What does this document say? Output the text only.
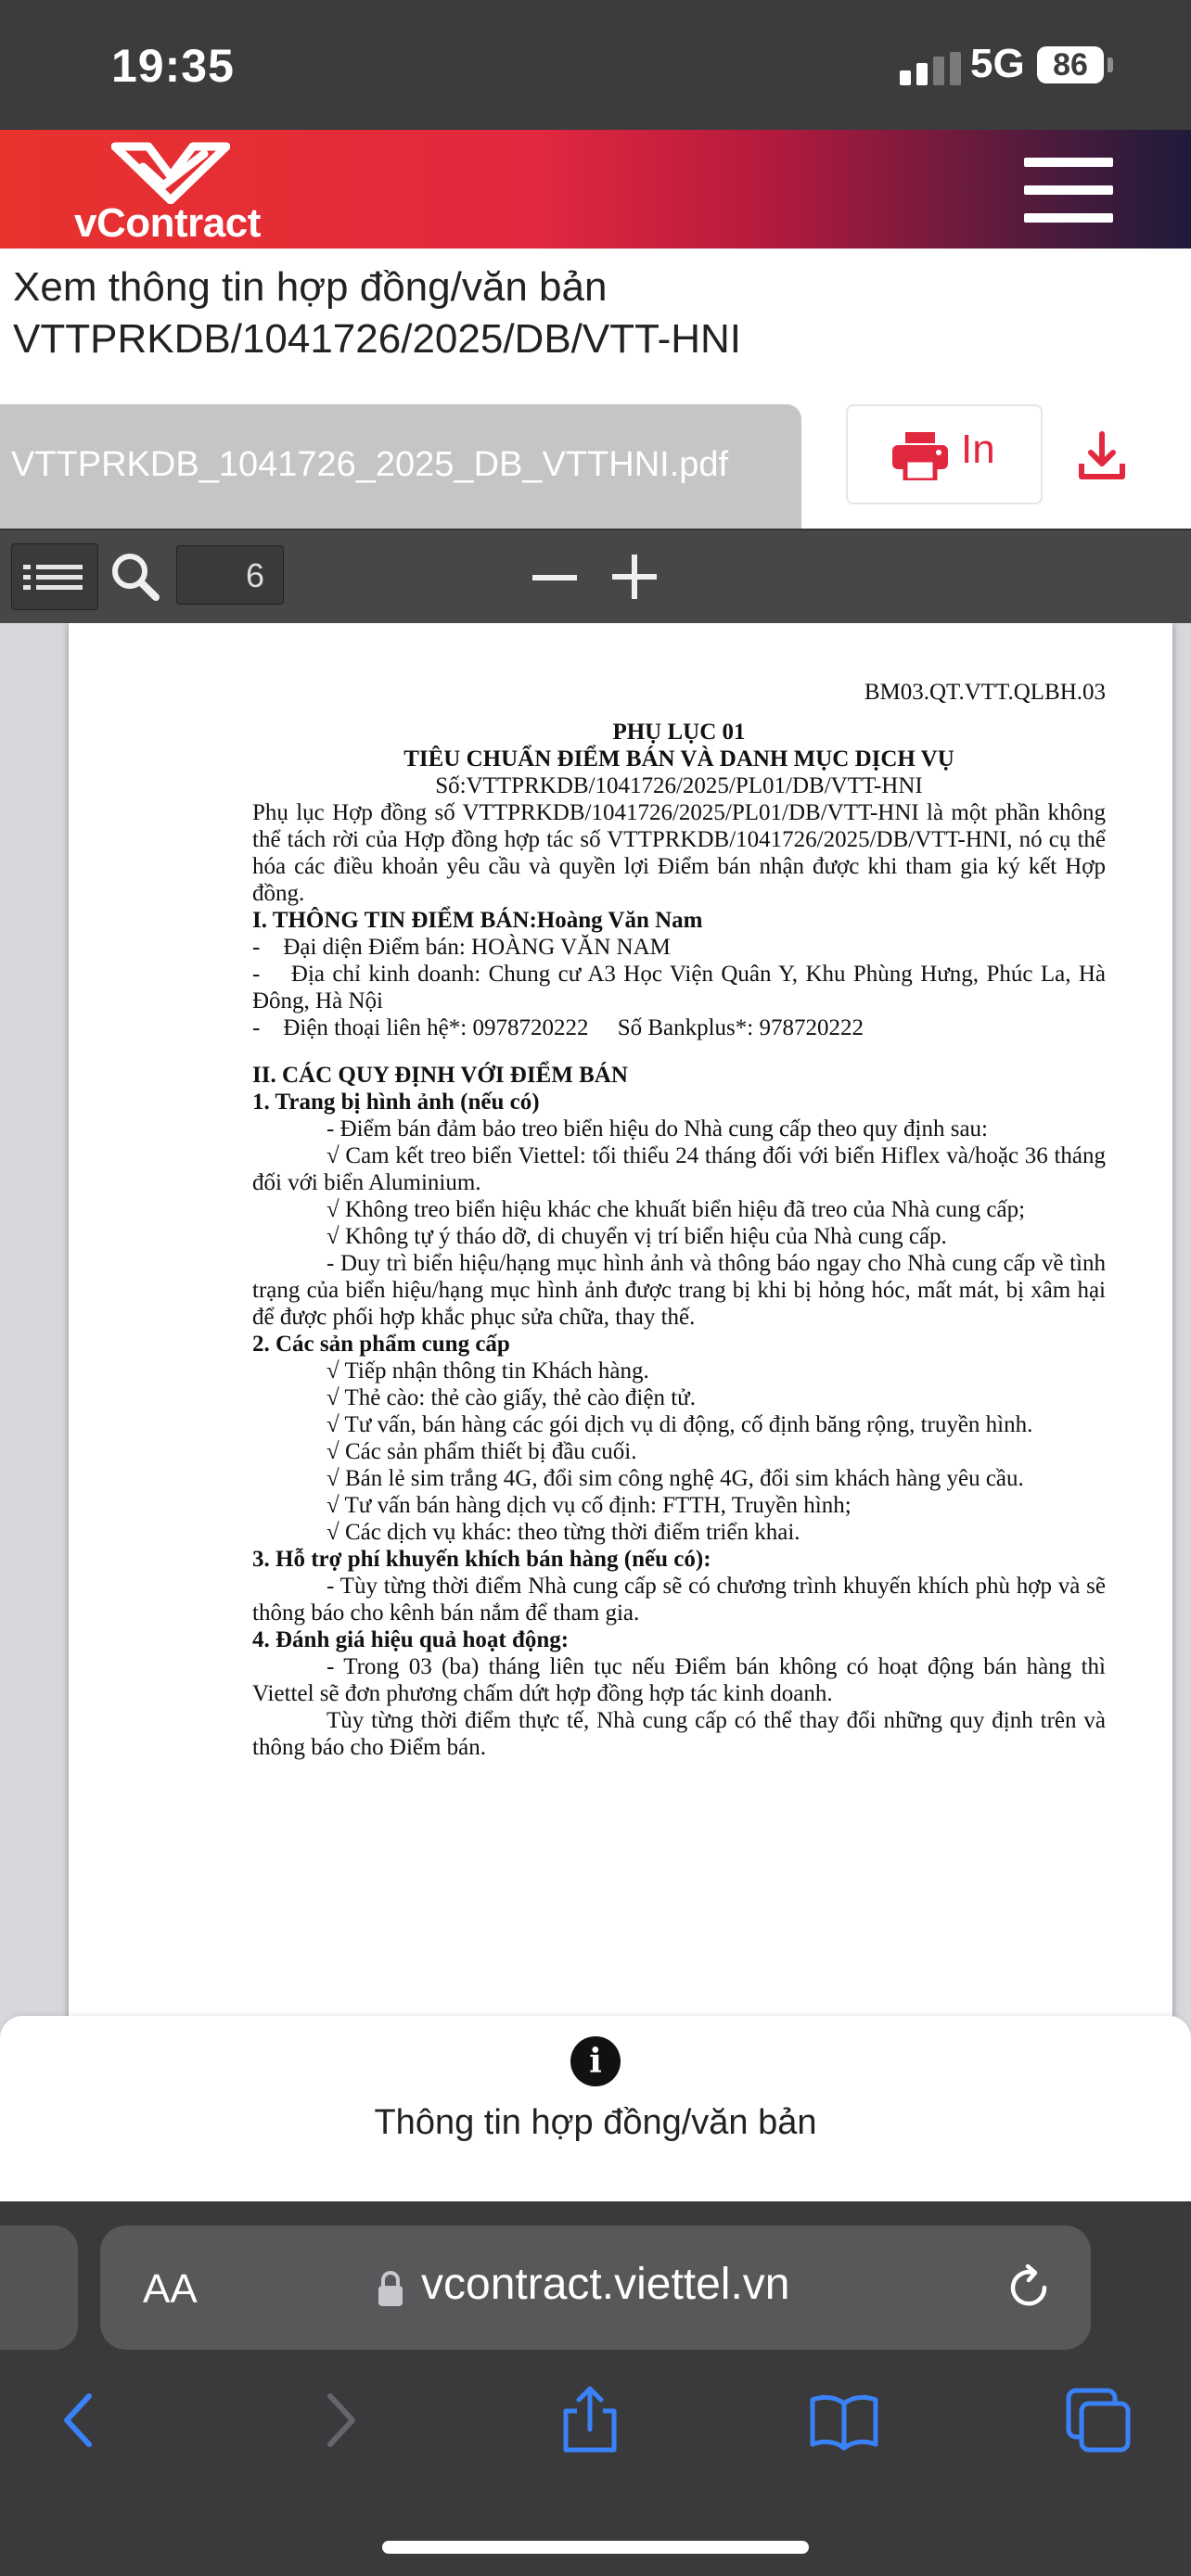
19:35	5G 86
vContract
Xem thông tin hợp đồng/văn bản
VTTPRKDB/1041726/2025/DB/VTT-HNI
VTTPRKDB_1041726_2025_DB_VTTHNI.pdf	In
6
BM03.QT.VTT.QLBH.03
PHỤ LỤC 01
TIÊU CHUẨN ĐIỂM BÁN VÀ DANH MỤC DỊCH VỤ
Số:VTTPRKDB/1041726/2025/PL01/DB/VTT-HNI
Phụ lục Hợp đồng số VTTPRKDB/1041726/2025/PL01/DB/VTT-HNI là một phần không thể tách rời của Hợp đồng hợp tác số VTTPRKDB/1041726/2025/DB/VTT-HNI, nó cụ thể hóa các điều khoản yêu cầu và quyền lợi Điểm bán nhận được khi tham gia ký kết Hợp đồng.
I. THÔNG TIN ĐIỂM BÁN:Hoàng Văn Nam
-    Đại diện Điểm bán: HOÀNG VĂN NAM
-    Địa chỉ kinh doanh: Chung cư A3 Học Viện Quân Y, Khu Phùng Hưng, Phúc La, Hà Đông, Hà Nội
-    Điện thoại liên hệ*: 0978720222     Số Bankplus*: 978720222
II. CÁC QUY ĐỊNH VỚI ĐIỂM BÁN
1. Trang bị hình ảnh (nếu có)
- Điểm bán đảm bảo treo biển hiệu do Nhà cung cấp theo quy định sau:
√ Cam kết treo biển Viettel: tối thiểu 24 tháng đối với biển Hiflex và/hoặc 36 tháng đối với biển Aluminium.
√ Không treo biển hiệu khác che khuất biển hiệu đã treo của Nhà cung cấp;
√ Không tự ý tháo dỡ, di chuyển vị trí biển hiệu của Nhà cung cấp.
- Duy trì biển hiệu/hạng mục hình ảnh và thông báo ngay cho Nhà cung cấp về tình trạng của biển hiệu/hạng mục hình ảnh được trang bị khi bị hỏng hóc, mất mát, bị xâm hại để được phối hợp khắc phục sửa chữa, thay thế.
2. Các sản phẩm cung cấp
√ Tiếp nhận thông tin Khách hàng.
√ Thẻ cào: thẻ cào giấy, thẻ cào điện tử.
√ Tư vấn, bán hàng các gói dịch vụ di động, cố định băng rộng, truyền hình.
√ Các sản phẩm thiết bị đầu cuối.
√ Bán lẻ sim trắng 4G, đổi sim công nghệ 4G, đổi sim khách hàng yêu cầu.
√ Tư vấn bán hàng dịch vụ cố định: FTTH, Truyền hình;
√ Các dịch vụ khác: theo từng thời điểm triển khai.
3. Hỗ trợ phí khuyến khích bán hàng (nếu có):
- Tùy từng thời điểm Nhà cung cấp sẽ có chương trình khuyến khích phù hợp và sẽ thông báo cho kênh bán nắm để tham gia.
4. Đánh giá hiệu quả hoạt động:
- Trong 03 (ba) tháng liên tục nếu Điểm bán không có hoạt động bán hàng thì Viettel sẽ đơn phương chấm dứt hợp đồng hợp tác kinh doanh.
Tùy từng thời điểm thực tế, Nhà cung cấp có thể thay đổi những quy định trên và thông báo cho Điểm bán.
i
Thông tin hợp đồng/văn bản
AA	vcontract.viettel.vn
